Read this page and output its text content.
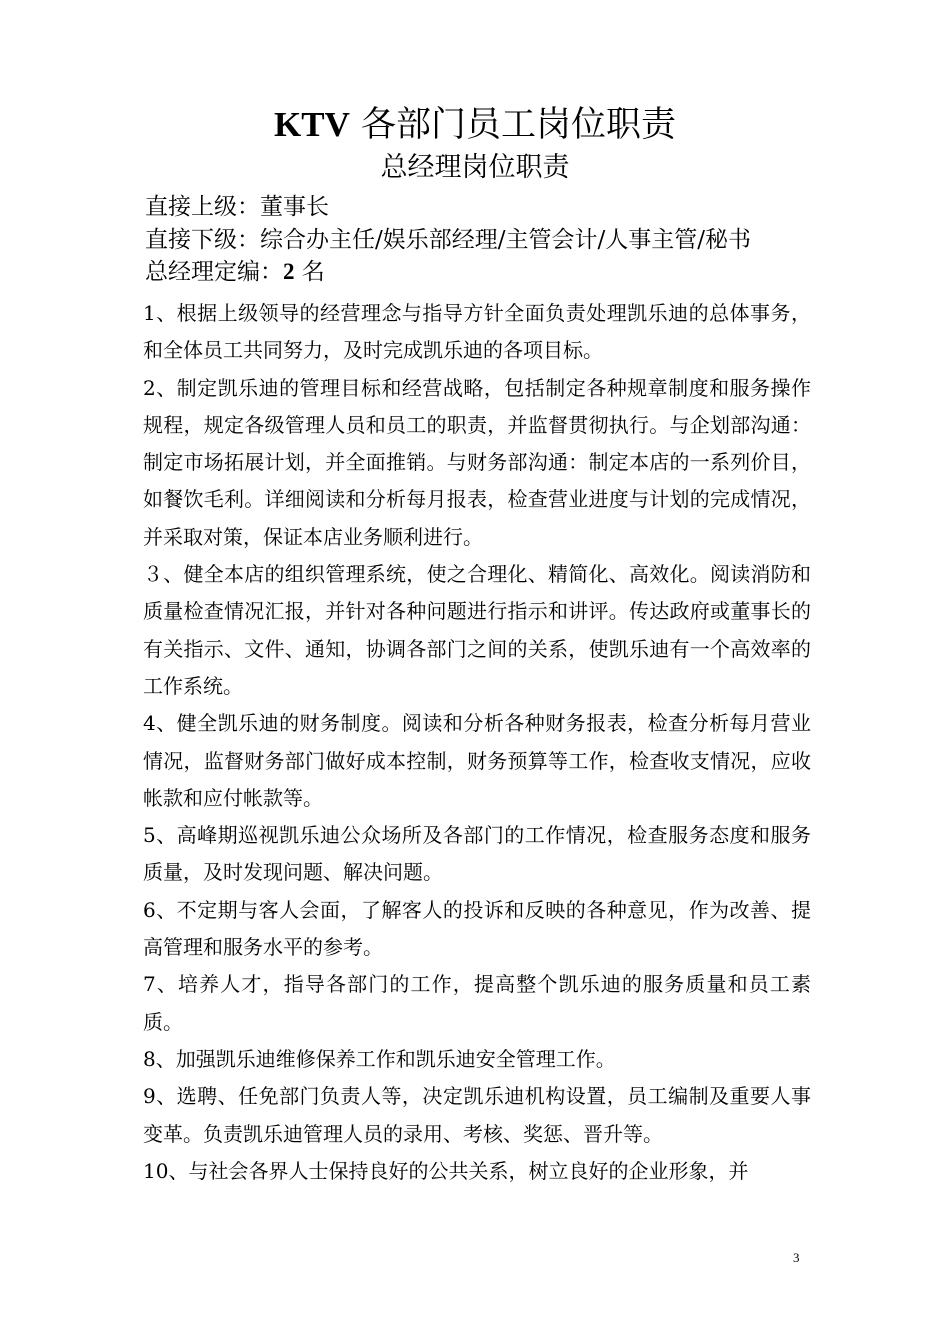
KTV 各部门员工岗位职责
总经理岗位职责
直接上级：董事长
直接下级：综合办主任/娱乐部经理/主管会计/人事主管/秘书
总经理定编：2 名

1、根据上级领导的经营理念与指导方针全面负责处理凯乐迪的总体事务，和全体员工共同努力，及时完成凯乐迪的各项目标。

2、制定凯乐迪的管理目标和经营战略，包括制定各种规章制度和服务操作规程，规定各级管理人员和员工的职责，并监督贯彻执行。与企划部沟通：制定市场拓展计划，并全面推销。与财务部沟通：制定本店的一系列价目，如餐饮毛利。详细阅读和分析每月报表，检查营业进度与计划的完成情况，并采取对策，保证本店业务顺利进行。

３、健全本店的组织管理系统，使之合理化、精简化、高效化。阅读消防和质量检查情况汇报，并针对各种问题进行指示和讲评。传达政府或董事长的有关指示、文件、通知，协调各部门之间的关系，使凯乐迪有一个高效率的工作系统。

4、健全凯乐迪的财务制度。阅读和分析各种财务报表，检查分析每月营业情况，监督财务部门做好成本控制，财务预算等工作，检查收支情况，应收帐款和应付帐款等。

5、高峰期巡视凯乐迪公众场所及各部门的工作情况，检查服务态度和服务质量，及时发现问题、解决问题。

6、不定期与客人会面，了解客人的投诉和反映的各种意见，作为改善、提高管理和服务水平的参考。

7、培养人才，指导各部门的工作，提高整个凯乐迪的服务质量和员工素质。

8、加强凯乐迪维修保养工作和凯乐迪安全管理工作。

9、选聘、任免部门负责人等，决定凯乐迪机构设置，员工编制及重要人事变革。负责凯乐迪管理人员的录用、考核、奖惩、晋升等。

10、与社会各界人士保持良好的公共关系，树立良好的企业形象，并

3
